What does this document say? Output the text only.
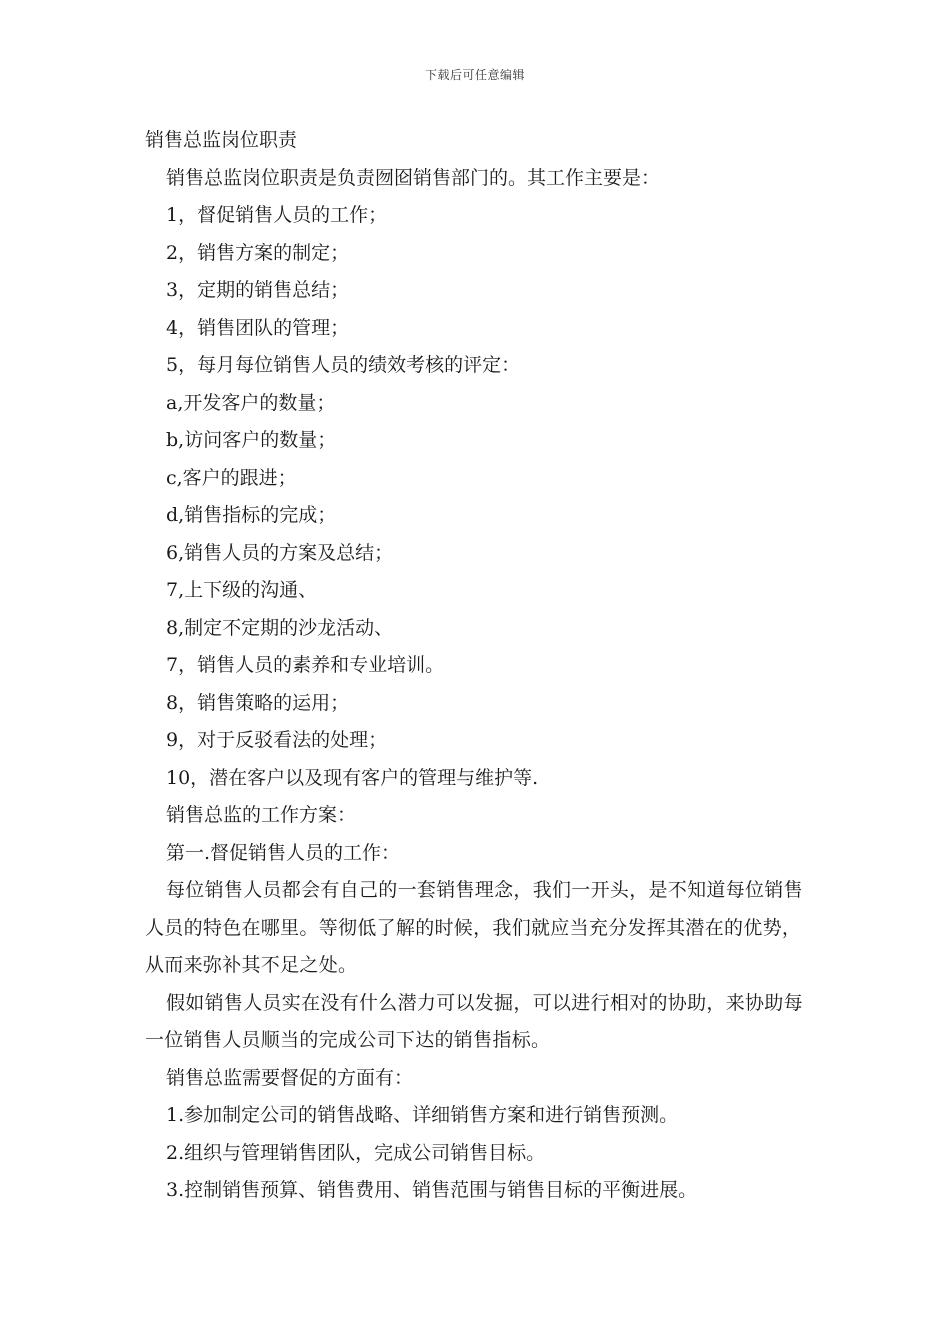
下载后可任意编辑
销售总监岗位职责
销售总监岗位职责是负责囫囵销售部门的。其工作主要是：
1，督促销售人员的工作；
2，销售方案的制定；
3，定期的销售总结；
4，销售团队的管理；
5，每月每位销售人员的绩效考核的评定：
a,开发客户的数量；
b,访问客户的数量；
c,客户的跟进；
d,销售指标的完成；
6,销售人员的方案及总结；
7,上下级的沟通、
8,制定不定期的沙龙活动、
7，销售人员的素养和专业培训。
8，销售策略的运用；
9，对于反驳看法的处理；
10，潜在客户以及现有客户的管理与维护等.
销售总监的工作方案：
第一.督促销售人员的工作：
每位销售人员都会有自己的一套销售理念，我们一开头，是不知道每位销售人员的特色在哪里。等彻低了解的时候，我们就应当充分发挥其潜在的优势，从而来弥补其不足之处。
假如销售人员实在没有什么潜力可以发掘，可以进行相对的协助，来协助每一位销售人员顺当的完成公司下达的销售指标。
销售总监需要督促的方面有：
1.参加制定公司的销售战略、详细销售方案和进行销售预测。
2.组织与管理销售团队，完成公司销售目标。
3.控制销售预算、销售费用、销售范围与销售目标的平衡进展。
